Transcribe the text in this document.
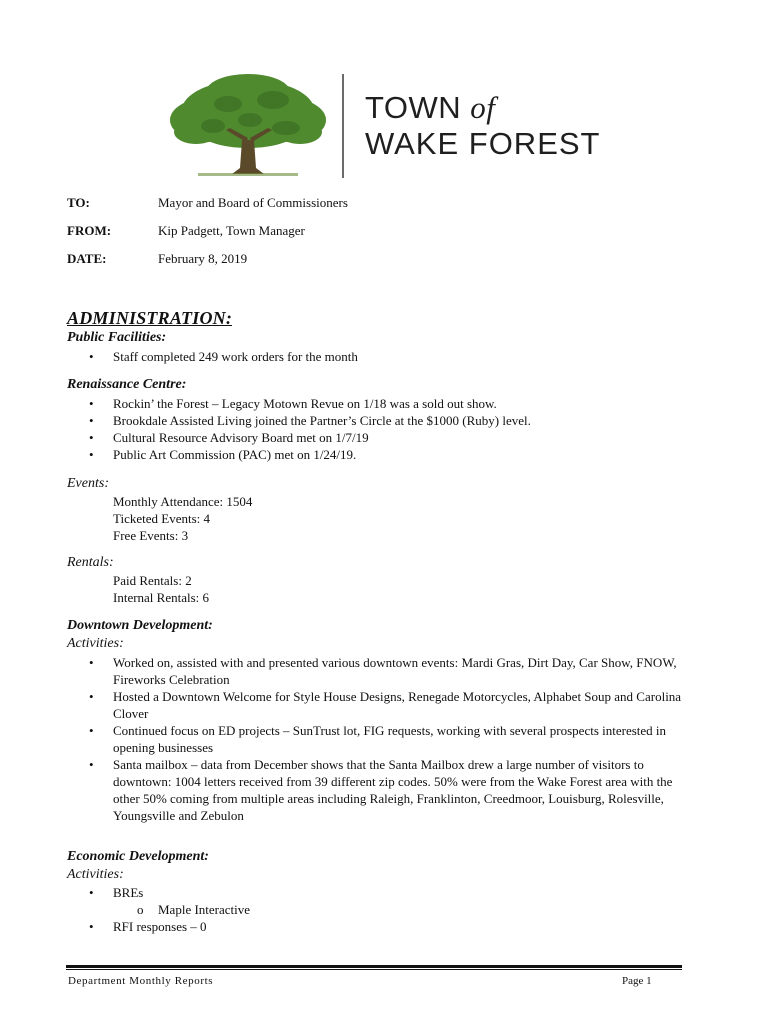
TOWN of
WAKE FOREST
TO:	Mayor and Board of Commissioners
FROM:	Kip Padgett, Town Manager
DATE:	February 8, 2019
ADMINISTRATION:
Public Facilities:
• Staff completed 249 work orders for the month
Renaissance Centre:
• Rockin’ the Forest – Legacy Motown Revue on 1/18 was a sold out show.
• Brookdale Assisted Living joined the Partner’s Circle at the $1000 (Ruby) level.
• Cultural Resource Advisory Board met on 1/7/19
• Public Art Commission (PAC) met on 1/24/19.
Events:
Monthly Attendance: 1504
Ticketed Events: 4
Free Events: 3
Rentals:
Paid Rentals: 2
Internal Rentals: 6
Downtown Development:
Activities:
• Worked on, assisted with and presented various downtown events: Mardi Gras, Dirt Day, Car Show, FNOW, Fireworks Celebration
• Hosted a Downtown Welcome for Style House Designs, Renegade Motorcycles, Alphabet Soup and Carolina Clover
• Continued focus on ED projects – SunTrust lot, FIG requests, working with several prospects interested in opening businesses
• Santa mailbox – data from December shows that the Santa Mailbox drew a large number of visitors to downtown: 1004 letters received from 39 different zip codes. 50% were from the Wake Forest area with the other 50% coming from multiple areas including Raleigh, Franklinton, Creedmoor, Louisburg, Rolesville, Youngsville and Zebulon
Economic Development:
Activities:
• BREs
o Maple Interactive
• RFI responses – 0
Department Monthly Reports	Page 1
